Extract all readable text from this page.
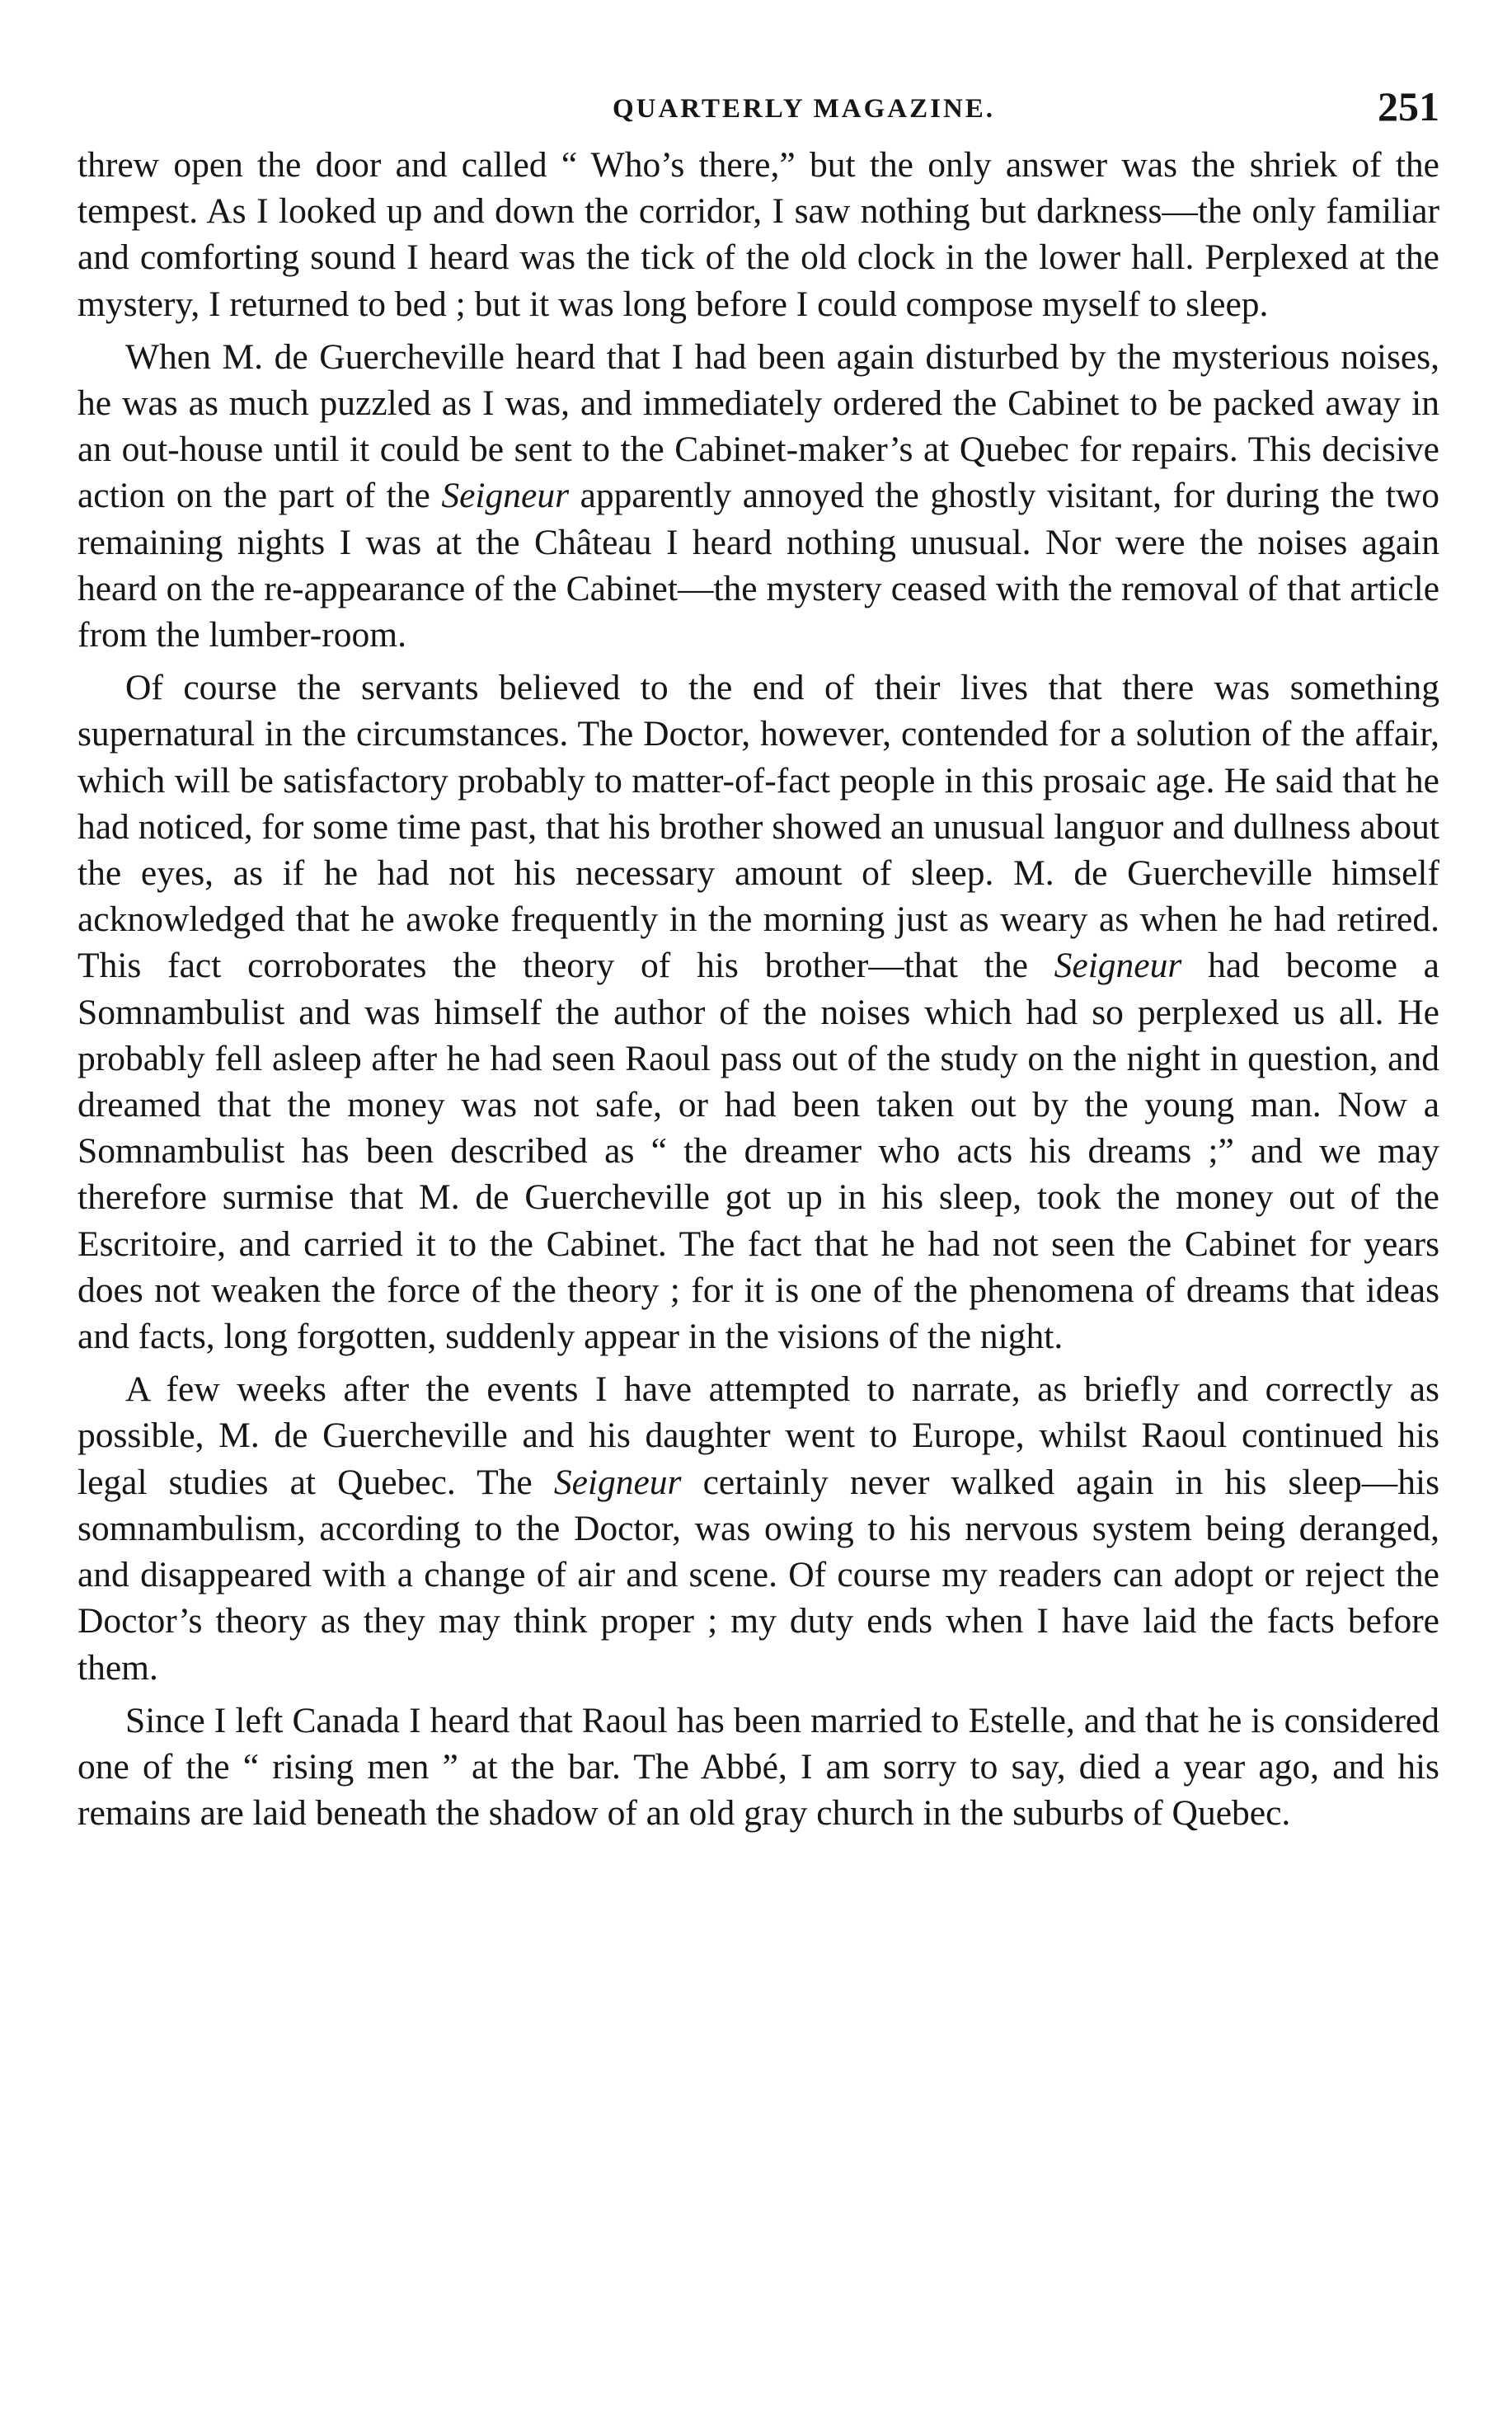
QUARTERLY MAGAZINE.	251

threw open the door and called “ Who’s there,” but the only answer was the shriek of the tempest. As I looked up and down the corridor, I saw nothing but darkness—the only familiar and comforting sound I heard was the tick of the old clock in the lower hall. Perplexed at the mystery, I returned to bed ; but it was long before I could compose myself to sleep.

When M. de Guercheville heard that I had been again disturbed by the mysterious noises, he was as much puzzled as I was, and immediately ordered the Cabinet to be packed away in an out-house until it could be sent to the Cabinet-maker’s at Quebec for repairs. This decisive action on the part of the Seigneur apparently annoyed the ghostly visitant, for during the two remaining nights I was at the Château I heard nothing unusual. Nor were the noises again heard on the re-appearance of the Cabinet—the mystery ceased with the removal of that article from the lumber-room.

Of course the servants believed to the end of their lives that there was something supernatural in the circumstances. The Doctor, however, contended for a solution of the affair, which will be satisfactory probably to matter-of-fact people in this prosaic age. He said that he had noticed, for some time past, that his brother showed an unusual languor and dullness about the eyes, as if he had not his necessary amount of sleep. M. de Guercheville himself acknowledged that he awoke frequently in the morning just as weary as when he had retired. This fact corroborates the theory of his brother—that the Seigneur had become a Somnambulist and was himself the author of the noises which had so perplexed us all. He probably fell asleep after he had seen Raoul pass out of the study on the night in question, and dreamed that the money was not safe, or had been taken out by the young man. Now a Somnambulist has been described as “ the dreamer who acts his dreams ;” and we may therefore surmise that M. de Guercheville got up in his sleep, took the money out of the Escritoire, and carried it to the Cabinet. The fact that he had not seen the Cabinet for years does not weaken the force of the theory ; for it is one of the phenomena of dreams that ideas and facts, long forgotten, suddenly appear in the visions of the night.

A few weeks after the events I have attempted to narrate, as briefly and correctly as possible, M. de Guercheville and his daughter went to Europe, whilst Raoul continued his legal studies at Quebec. The Seigneur certainly never walked again in his sleep—his somnambulism, according to the Doctor, was owing to his nervous system being deranged, and disappeared with a change of air and scene. Of course my readers can adopt or reject the Doctor’s theory as they may think proper ; my duty ends when I have laid the facts before them.

Since I left Canada I heard that Raoul has been married to Estelle, and that he is considered one of the “ rising men ” at the bar. The Abbé, I am sorry to say, died a year ago, and his remains are laid beneath the shadow of an old gray church in the suburbs of Quebec.
